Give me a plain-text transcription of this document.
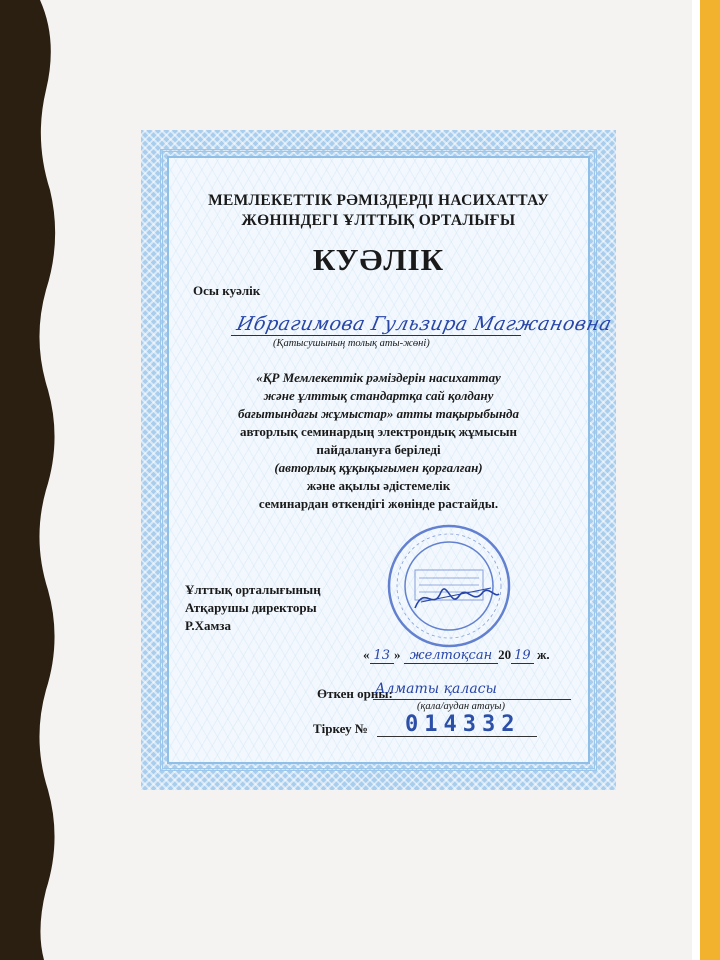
МЕМЛЕКЕТТІК РӘМІЗДЕРДІ НАСИХАТТАУ
ЖӨНІНДЕГІ ҰЛТТЫҚ ОРТАЛЫҒЫ
КУӘЛІК
Осы куәлік
Ибрагимова Гульзира Магжановна
(Қатысушының толық аты-жөні)
«ҚР Мемлекеттік рәміздерін насихаттау
және ұлттық стандартқа сай қолдану
бағытындағы жұмыстар» атты тақырыбында
авторлық семинардың электрондық жұмысын
пайдалануға беріледі
(авторлық құқықығымен қорғалған)
және ақылы әдістемелік
семинардан өткендігі жөнінде растайды.
Ұлттық орталығының
Атқарушы директоры
Р.Хамза
« 13 » желтоқсан 20 19 ж.
Өткен орны:
Алматы қаласы
(қала/аудан атауы)
Тіркеу № 014332
